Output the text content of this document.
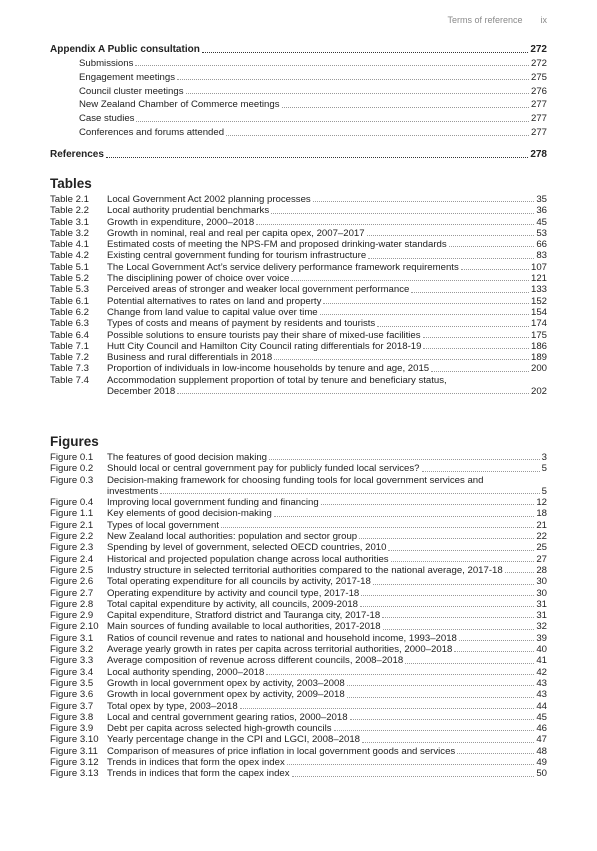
Terms of reference ix
Appendix A Public consultation	272
Submissions	272
Engagement meetings	275
Council cluster meetings	276
New Zealand Chamber of Commerce meetings	277
Case studies	277
Conferences and forums attended	277
References	278
Tables
Table 2.1	Local Government Act 2002 planning processes	35
Table 2.2	Local authority prudential benchmarks	36
Table 3.1	Growth in expenditure, 2000–2018	45
Table 3.2	Growth in nominal, real and real per capita opex, 2007–2017	53
Table 4.1	Estimated costs of meeting the NPS-FM and proposed drinking-water standards	66
Table 4.2	Existing central government funding for tourism infrastructure	83
Table 5.1	The Local Government Act’s service delivery performance framework requirements	107
Table 5.2	The disciplining power of choice over voice	121
Table 5.3	Perceived areas of stronger and weaker local government performance	133
Table 6.1	Potential alternatives to rates on land and property	152
Table 6.2	Change from land value to capital value over time	154
Table 6.3	Types of costs and means of payment by residents and tourists	174
Table 6.4	Possible solutions to ensure tourists pay their share of mixed-use facilities	175
Table 7.1	Hutt City Council and Hamilton City Council rating differentials for 2018-19	186
Table 7.2	Business and rural differentials in 2018	189
Table 7.3	Proportion of individuals in low-income households by tenure and age, 2015	200
Table 7.4	Accommodation supplement proportion of total by tenure and beneficiary status,
December 2018	202
Figures
Figure 0.1	The features of good decision making	3
Figure 0.2	Should local or central government pay for publicly funded local services?	5
Figure 0.3	Decision-making framework for choosing funding tools for local government services and
investments	5
Figure 0.4	Improving local government funding and financing	12
Figure 1.1	Key elements of good decision-making	18
Figure 2.1	Types of local government	21
Figure 2.2	New Zealand local authorities: population and sector group	22
Figure 2.3	Spending by level of government, selected OECD countries, 2010	25
Figure 2.4	Historical and projected population change across local authorities	27
Figure 2.5	Industry structure in selected territorial authorities compared to the national average, 2017-18	28
Figure 2.6	Total operating expenditure for all councils by activity, 2017-18	30
Figure 2.7	Operating expenditure by activity and council type, 2017-18	30
Figure 2.8	Total capital expenditure by activity, all councils, 2009-2018	31
Figure 2.9	Capital expenditure, Stratford district and Tauranga city, 2017-18	31
Figure 2.10 Main sources of funding available to local authorities, 2017-2018	32
Figure 3.1	Ratios of council revenue and rates to national and household income, 1993–2018	39
Figure 3.2	Average yearly growth in rates per capita across territorial authorities, 2000–2018	40
Figure 3.3	Average composition of revenue across different councils, 2008–2018	41
Figure 3.4	Local authority spending, 2000–2018	42
Figure 3.5	Growth in local government opex by activity, 2003–2008	43
Figure 3.6	Growth in local government opex by activity, 2009–2018	43
Figure 3.7	Total opex by type, 2003–2018	44
Figure 3.8	Local and central government gearing ratios, 2000–2018	45
Figure 3.9	Debt per capita across selected high-growth councils	46
Figure 3.10 Yearly percentage change in the CPI and LGCI, 2008–2018	47
Figure 3.11 Comparison of measures of price inflation in local government goods and services	48
Figure 3.12 Trends in indices that form the opex index	49
Figure 3.13 Trends in indices that form the capex index	50
